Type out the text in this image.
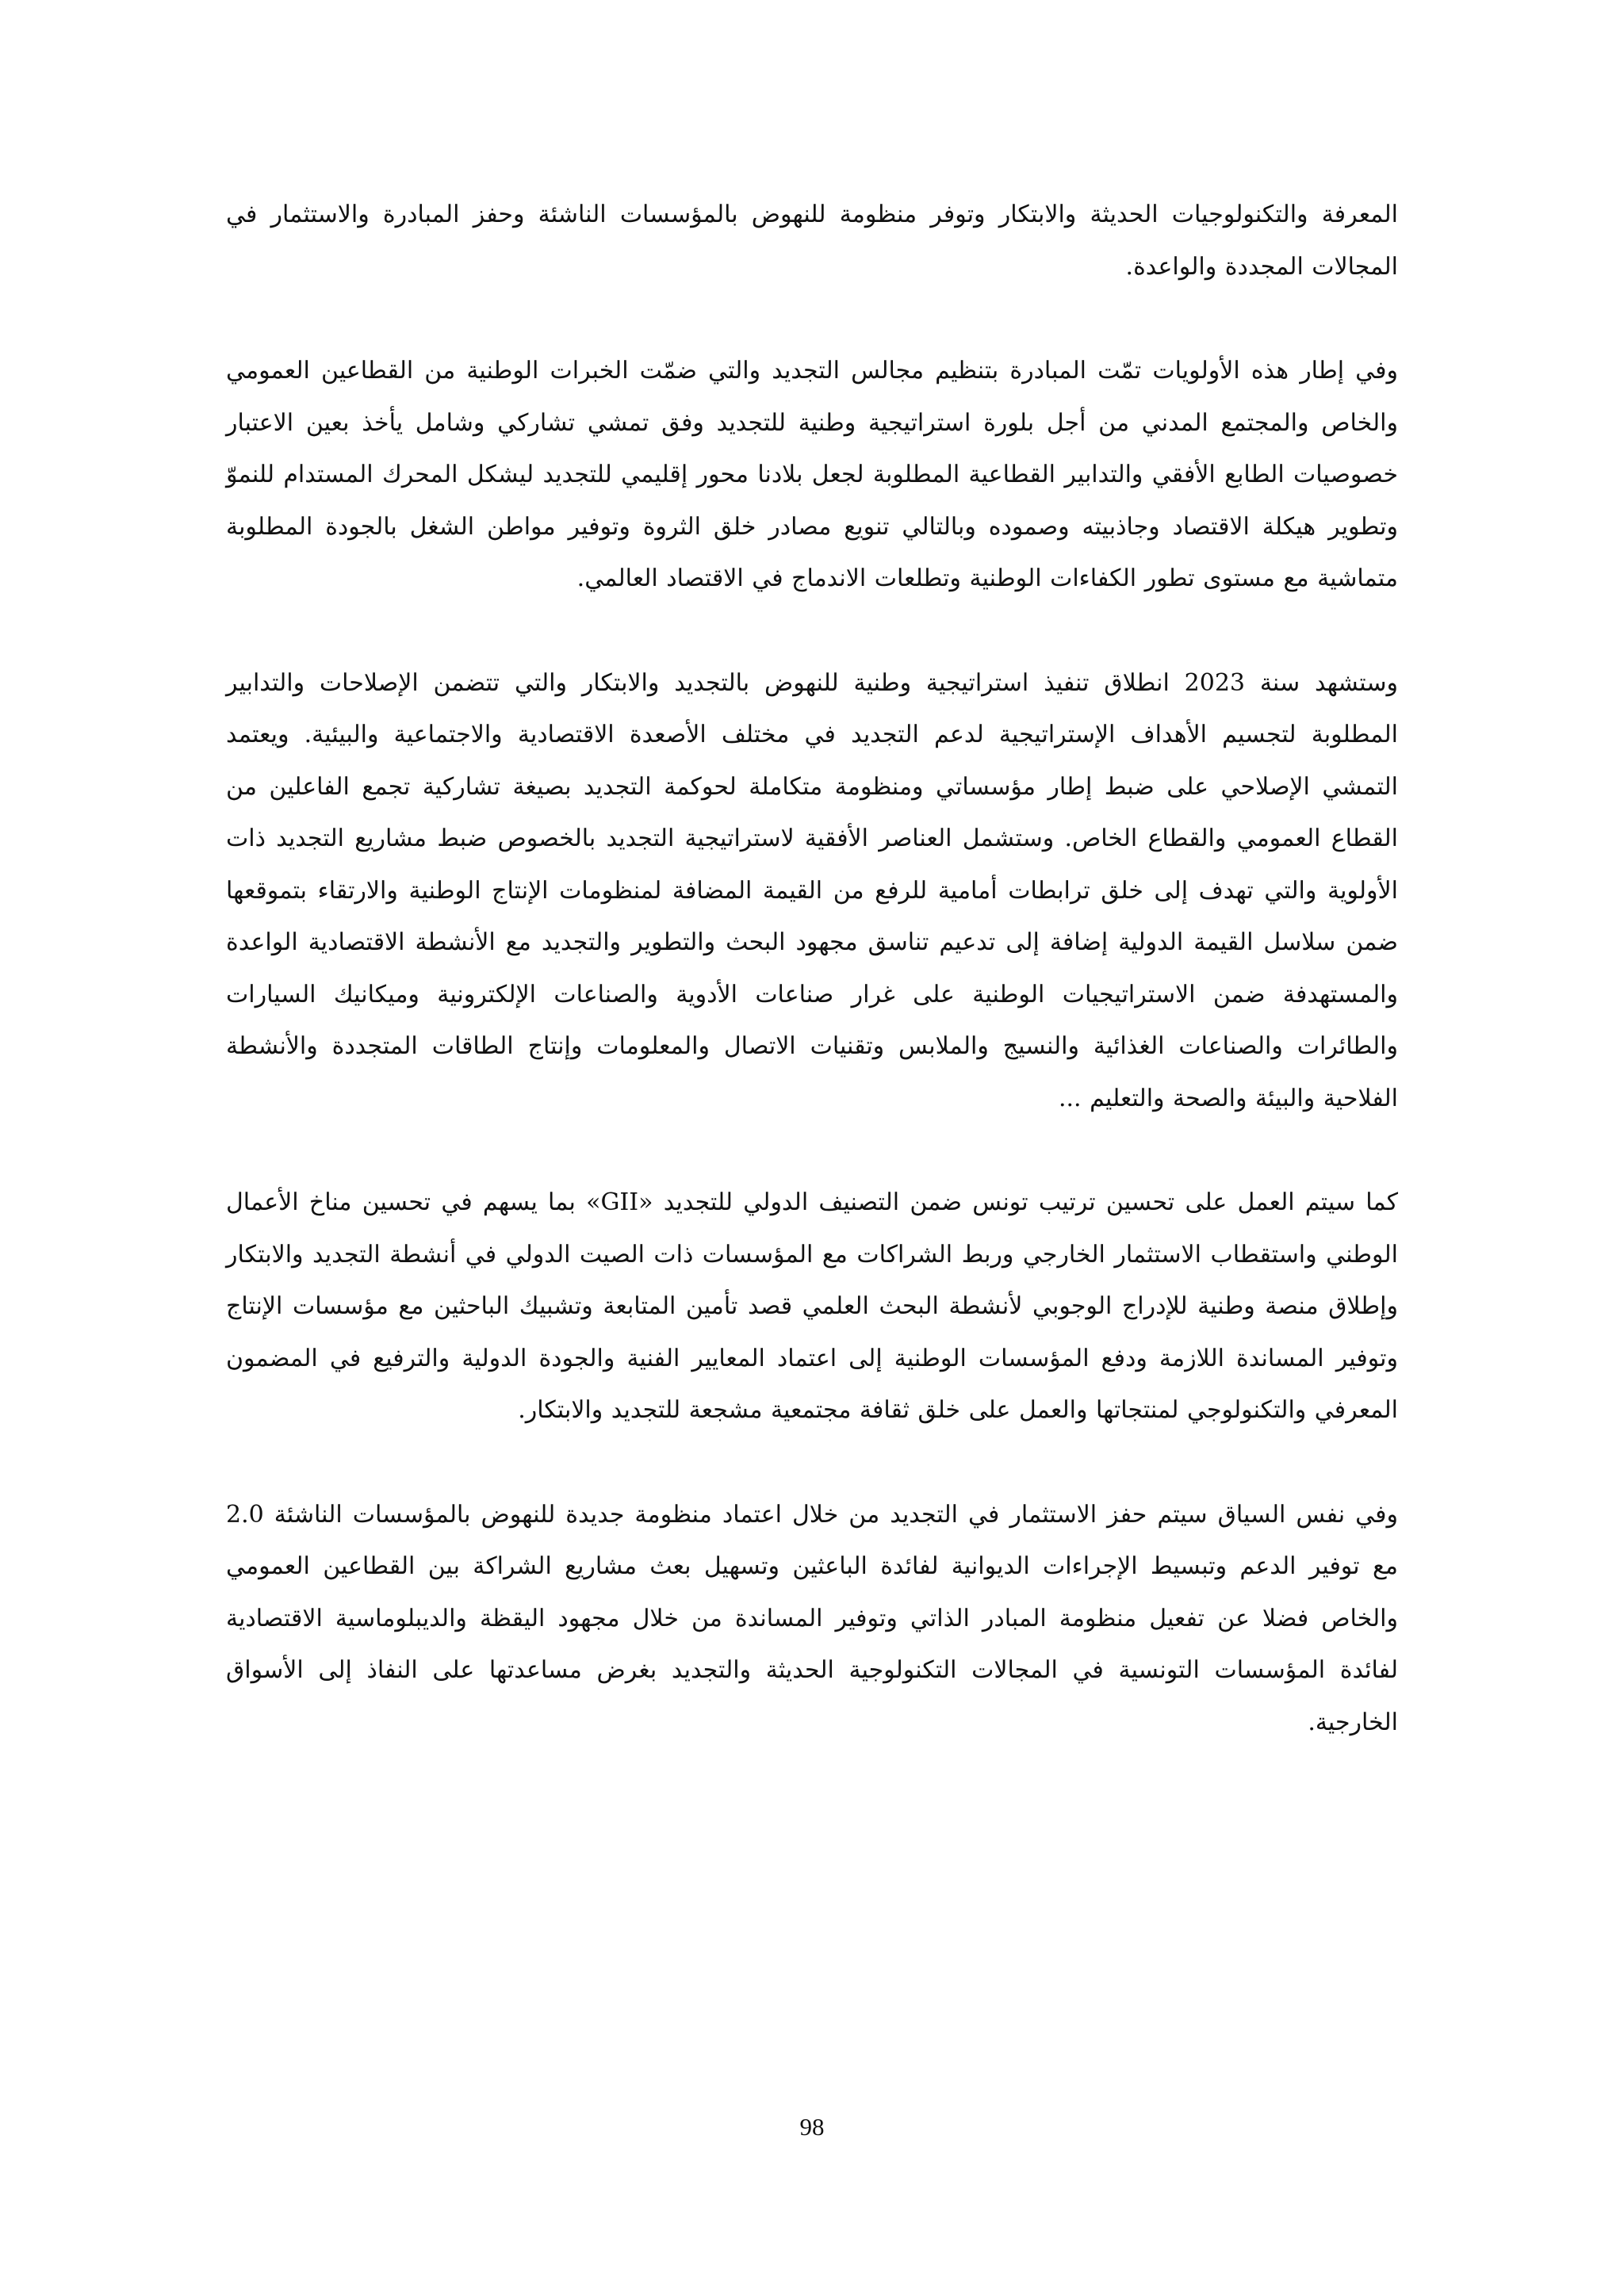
المعرفة والتكنولوجيات الحديثة والابتكار وتوفر منظومة للنهوض بالمؤسسات الناشئة وحفز المبادرة والاستثمار في المجالات المجددة والواعدة.

وفي إطار هذه الأولويات تمّت المبادرة بتنظيم مجالس التجديد والتي ضمّت الخبرات الوطنية من القطاعين العمومي والخاص والمجتمع المدني من أجل بلورة استراتيجية وطنية للتجديد وفق تمشي تشاركي وشامل يأخذ بعين الاعتبار خصوصيات الطابع الأفقي والتدابير القطاعية المطلوبة لجعل بلادنا محور إقليمي للتجديد ليشكل المحرك المستدام للنموّ وتطوير هيكلة الاقتصاد وجاذبيته وصموده وبالتالي تنويع مصادر خلق الثروة وتوفير مواطن الشغل بالجودة المطلوبة متماشية مع مستوى تطور الكفاءات الوطنية وتطلعات الاندماج في الاقتصاد العالمي.

وستشهد سنة 2023 انطلاق تنفيذ استراتيجية وطنية للنهوض بالتجديد والابتكار والتي تتضمن الإصلاحات والتدابير المطلوبة لتجسيم الأهداف الإستراتيجية لدعم التجديد في مختلف الأصعدة الاقتصادية والاجتماعية والبيئية. ويعتمد التمشي الإصلاحي على ضبط إطار مؤسساتي ومنظومة متكاملة لحوكمة التجديد بصيغة تشاركية تجمع الفاعلين من القطاع العمومي والقطاع الخاص. وستشمل العناصر الأفقية لاستراتيجية التجديد بالخصوص ضبط مشاريع التجديد ذات الأولوية والتي تهدف إلى خلق ترابطات أمامية للرفع من القيمة المضافة لمنظومات الإنتاج الوطنية والارتقاء بتموقعها ضمن سلاسل القيمة الدولية إضافة إلى تدعيم تناسق مجهود البحث والتطوير والتجديد مع الأنشطة الاقتصادية الواعدة والمستهدفة ضمن الاستراتيجيات الوطنية على غرار صناعات الأدوية والصناعات الإلكترونية وميكانيك السيارات والطائرات والصناعات الغذائية والنسيج والملابس وتقنيات الاتصال والمعلومات وإنتاج الطاقات المتجددة والأنشطة الفلاحية والبيئة والصحة والتعليم ...

كما سيتم العمل على تحسين ترتيب تونس ضمن التصنيف الدولي للتجديد «GII» بما يسهم في تحسين مناخ الأعمال الوطني واستقطاب الاستثمار الخارجي وربط الشراكات مع المؤسسات ذات الصيت الدولي في أنشطة التجديد والابتكار وإطلاق منصة وطنية للإدراج الوجوبي لأنشطة البحث العلمي قصد تأمين المتابعة وتشبيك الباحثين مع مؤسسات الإنتاج وتوفير المساندة اللازمة ودفع المؤسسات الوطنية إلى اعتماد المعايير الفنية والجودة الدولية والترفيع في المضمون المعرفي والتكنولوجي لمنتجاتها والعمل على خلق ثقافة مجتمعية مشجعة للتجديد والابتكار.

وفي نفس السياق سيتم حفز الاستثمار في التجديد من خلال اعتماد منظومة جديدة للنهوض بالمؤسسات الناشئة 2.0 مع توفير الدعم وتبسيط الإجراءات الديوانية لفائدة الباعثين وتسهيل بعث مشاريع الشراكة بين القطاعين العمومي والخاص فضلا عن تفعيل منظومة المبادر الذاتي وتوفير المساندة من خلال مجهود اليقظة والديبلوماسية الاقتصادية لفائدة المؤسسات التونسية في المجالات التكنولوجية الحديثة والتجديد بغرض مساعدتها على النفاذ إلى الأسواق الخارجية.

98
